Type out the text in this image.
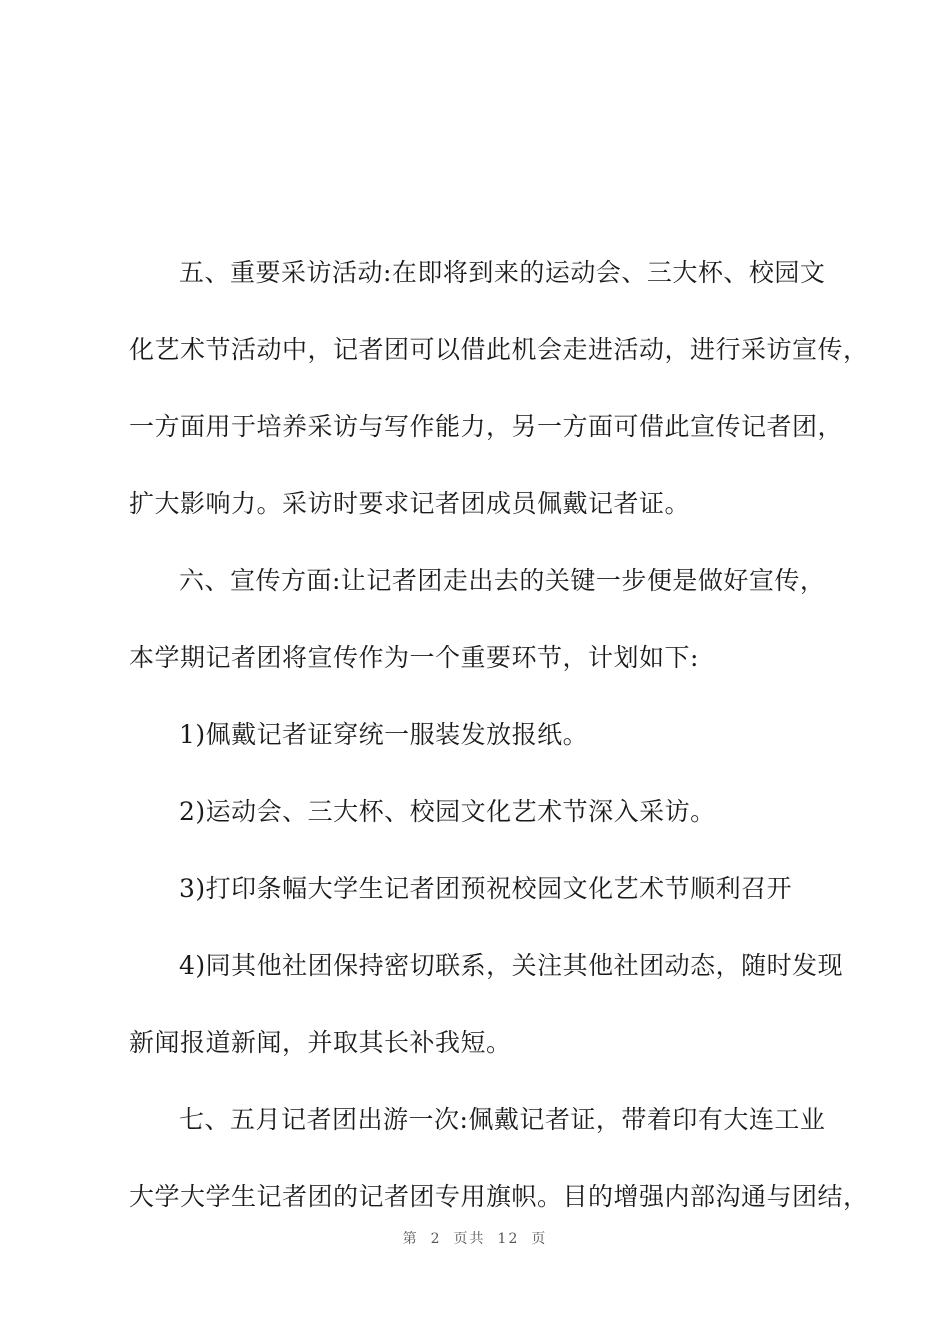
五、重要采访活动:在即将到来的运动会、三大杯、校园文
化艺术节活动中，记者团可以借此机会走进活动，进行采访宣传，
一方面用于培养采访与写作能力，另一方面可借此宣传记者团，
扩大影响力。采访时要求记者团成员佩戴记者证。
六、宣传方面:让记者团走出去的关键一步便是做好宣传，
本学期记者团将宣传作为一个重要环节，计划如下:
1)佩戴记者证穿统一服装发放报纸。
2)运动会、三大杯、校园文化艺术节深入采访。
3)打印条幅大学生记者团预祝校园文化艺术节顺利召开
4)同其他社团保持密切联系，关注其他社团动态，随时发现
新闻报道新闻，并取其长补我短。
七、五月记者团出游一次:佩戴记者证，带着印有大连工业
大学大学生记者团的记者团专用旗帜。目的增强内部沟通与团结，
第 2 页共 12 页
